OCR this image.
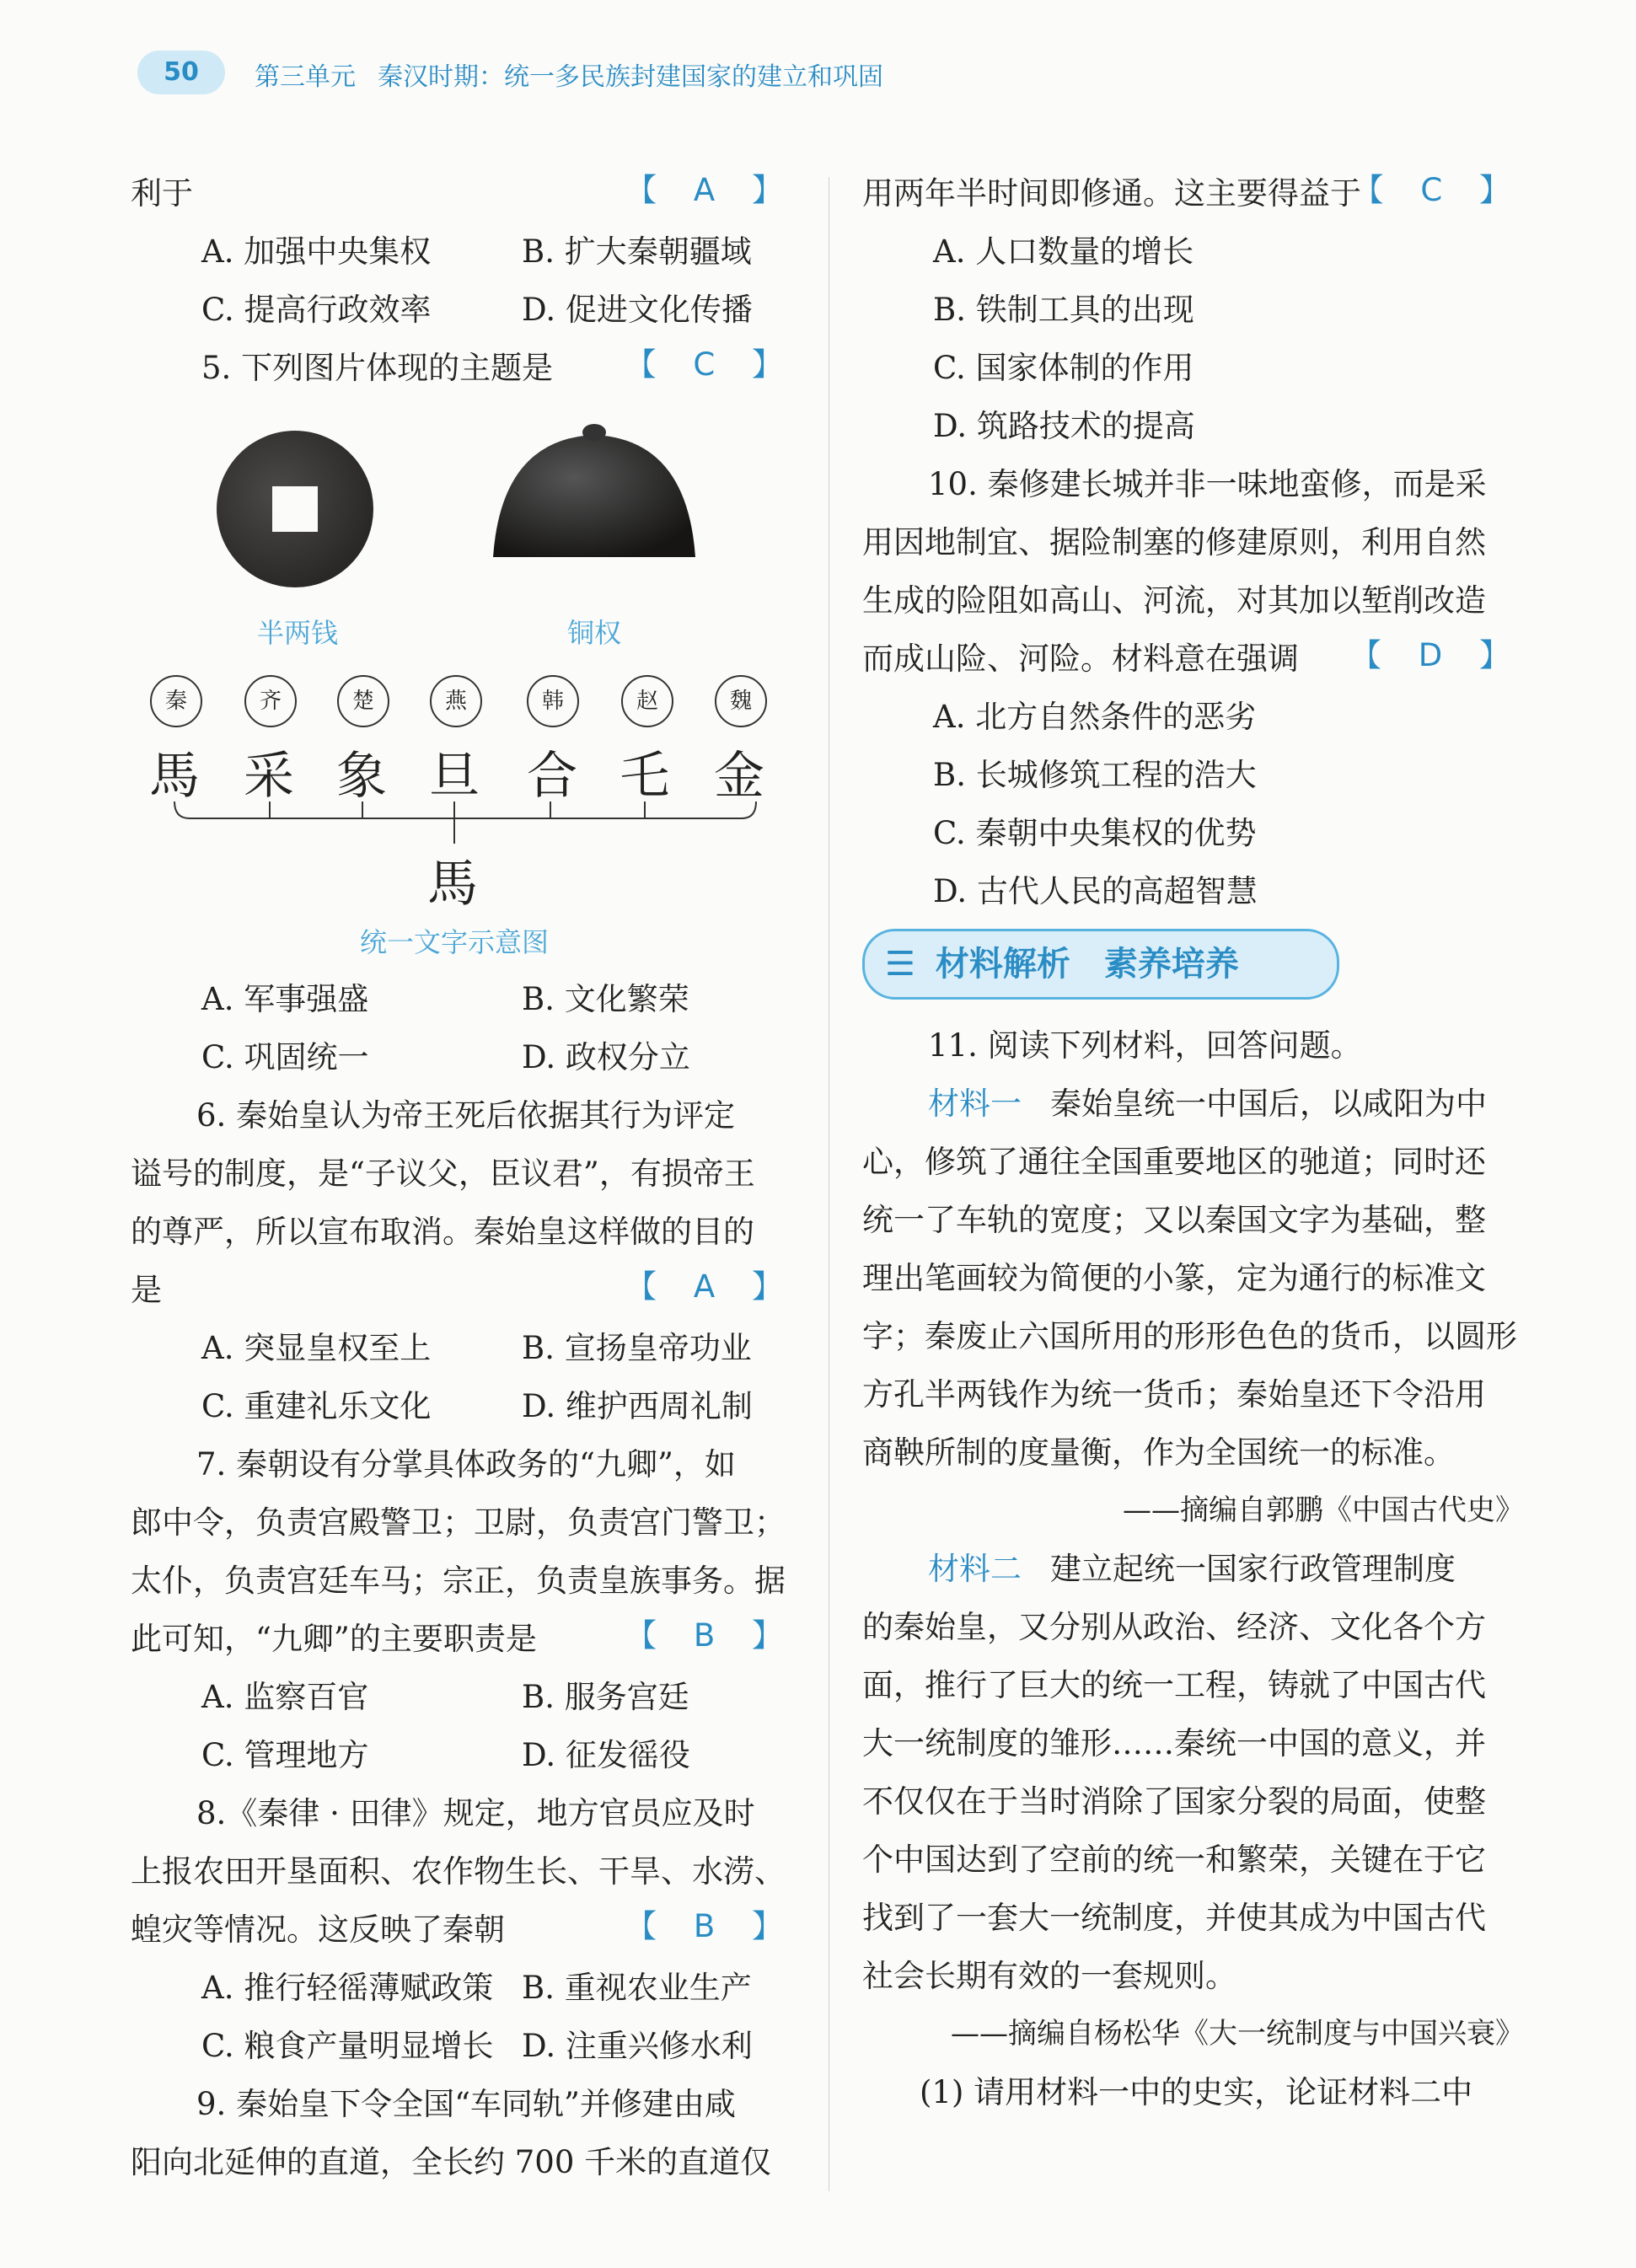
50	第三单元 秦汉时期：统一多民族封建国家的建立和巩固
利于	【 A 】
A. 加强中央集权	B. 扩大秦朝疆域
C. 提高行政效率	D. 促进文化传播
5. 下列图片体现的主题是 【 C 】
半两钱	铜权
秦	齐	楚	燕	韩	赵	魏
馬 采 象 旦 合 乇 金
馬
统一文字示意图
A. 军事强盛	B. 文化繁荣
C. 巩固统一	D. 政权分立
6. 秦始皇认为帝王死后依据其行为评定
谥号的制度，是“子议父，臣议君”，有损帝王
的尊严，所以宣布取消。秦始皇这样做的目的
是	【 A 】
A. 突显皇权至上	B. 宣扬皇帝功业
C. 重建礼乐文化	D. 维护西周礼制
7. 秦朝设有分掌具体政务的“九卿”，如
郎中令，负责宫殿警卫；卫尉，负责宫门警卫；
太仆，负责宫廷车马；宗正，负责皇族事务。据
此可知，“九卿”的主要职责是	【 B 】
A. 监察百官	B. 服务宫廷
C. 管理地方	D. 征发徭役
8.《秦律 · 田律》规定，地方官员应及时
上报农田开垦面积、农作物生长、干旱、水涝、
蝗灾等情况。这反映了秦朝	【 B 】
A. 推行轻徭薄赋政策 B. 重视农业生产
C. 粮食产量明显增长 D. 注重兴修水利
9. 秦始皇下令全国“车同轨”并修建由咸
阳向北延伸的直道，全长约 700 千米的直道仅
用两年半时间即修通。这主要得益于
【 C 】
A. 人口数量的增长
B. 铁制工具的出现
C. 国家体制的作用
D. 筑路技术的提高
10. 秦修建长城并非一味地蛮修，而是采
用因地制宜、据险制塞的修建原则，利用自然
生成的险阻如高山、河流，对其加以堑削改造
而成山险、河险。材料意在强调 【 D 】
A. 北方自然条件的恶劣
B. 长城修筑工程的浩大
C. 秦朝中央集权的优势
D. 古代人民的高超智慧
☰ 材料解析　素养培养
11. 阅读下列材料，回答问题。
材料一 秦始皇统一中国后，以咸阳为中
心，修筑了通往全国重要地区的驰道；同时还
统一了车轨的宽度；又以秦国文字为基础，整
理出笔画较为简便的小篆，定为通行的标准文
字；秦废止六国所用的形形色色的货币，以圆形
方孔半两钱作为统一货币；秦始皇还下令沿用
商鞅所制的度量衡，作为全国统一的标准。
——摘编自郭鹏《中国古代史》
材料二 建立起统一国家行政管理制度
的秦始皇，又分别从政治、经济、文化各个方
面，推行了巨大的统一工程，铸就了中国古代
大一统制度的雏形……秦统一中国的意义，并
不仅仅在于当时消除了国家分裂的局面，使整
个中国达到了空前的统一和繁荣，关键在于它
找到了一套大一统制度，并使其成为中国古代
社会长期有效的一套规则。
——摘编自杨松华《大一统制度与中国兴衰》
(1) 请用材料一中的史实，论证材料二中
